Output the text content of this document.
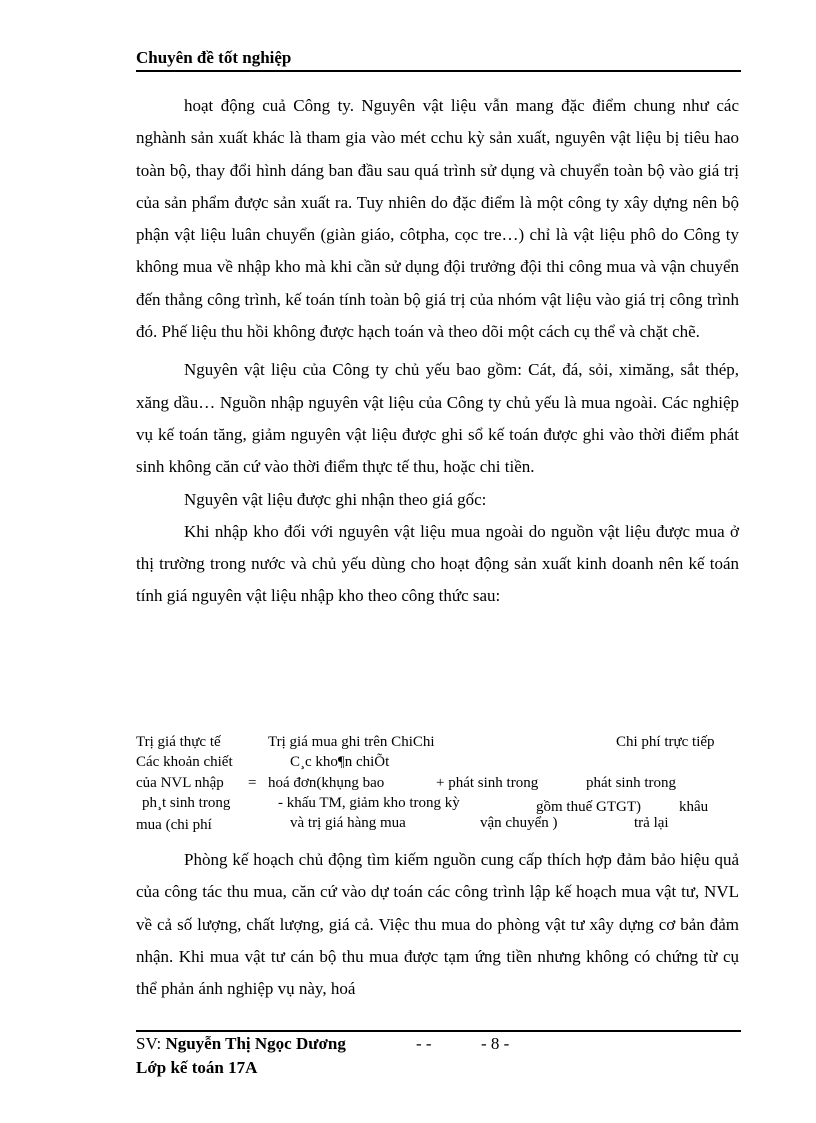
Chuyên đề tốt nghiệp

hoạt động cuả Công ty. Nguyên vật liệu vẫn mang đặc điểm chung như các nghành sản xuất khác là tham gia vào mét cchu kỳ sản xuất, nguyên vật liệu bị tiêu hao toàn bộ, thay đổi hình dáng ban đầu sau quá trình sử dụng và chuyển toàn bộ vào giá trị của sản phẩm được sản xuất ra. Tuy nhiên do đặc điểm là một công ty xây dựng nên bộ phận vật liệu luân chuyển (giàn giáo, côtpha, cọc tre…) chỉ là vật liệu phô do Công ty không mua về nhập kho mà khi cần sử dụng đội trưởng đội thi công mua và vận chuyển đến thẳng công trình, kế toán tính toàn bộ giá trị của nhóm vật liệu vào giá trị công trình đó. Phế liệu thu hồi không được hạch toán và theo dõi một cách cụ thể và chặt chẽ.

Nguyên vật liệu của Công ty chủ yếu bao gồm: Cát, đá, sỏi, ximăng, sắt thép, xăng dầu… Nguồn nhập nguyên vật liệu của Công ty chủ yếu là mua ngoài. Các nghiệp vụ kế toán tăng, giảm nguyên vật liệu được ghi sổ kế toán được ghi vào thời điểm phát sinh không căn cứ vào thời điểm thực tế thu, hoặc chi tiền.

Nguyên vật liệu được ghi nhận theo giá gốc:

Khi nhập kho đối với nguyên vật liệu mua ngoài do nguồn vật liệu được mua ở thị trường trong nước và chủ yếu dùng cho hoạt động sản xuất kinh doanh nên kế toán tính giá nguyên vật liệu nhập kho theo công thức sau:

Trị giá thực tế	Trị giá mua ghi trên ChiChi	Chi phí trực tiếp
Các khoản chiết	C¸c kho¶n chiÕt
của NVL nhập = hoá đơn(khụng bao	+ phát sinh trong	phát sinh trong
ph¸t sinh trong	- khấu TM, giảm kho trong kỳ	gồm thuế GTGT)	khâu
mua (chi phí	và trị giá hàng mua	vận chuyển )	trả lại

Phòng kế hoạch chủ động tìm kiếm nguồn cung cấp thích hợp đảm bảo hiệu quả của công tác thu mua, căn cứ vào dự toán các công trình lập kế hoạch mua vật tư, NVL về cả số lượng, chất lượng, giá cả. Việc thu mua do phòng vật tư xây dựng cơ bản đảm nhận. Khi mua vật tư cán bộ thu mua được tạm ứng tiền nhưng không có chứng từ cụ thể phản ánh nghiệp vụ này, hoá

SV: Nguyễn Thị Ngọc Dương	- -	- 8 -
Lớp kế toán 17A
